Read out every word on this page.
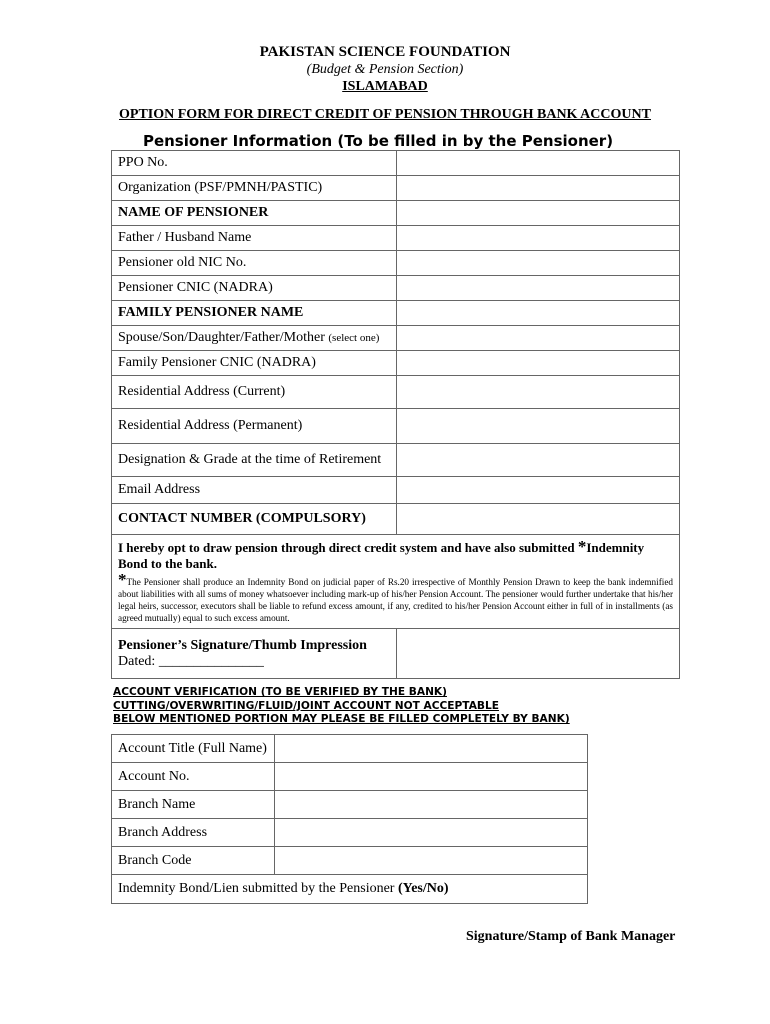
PAKISTAN SCIENCE FOUNDATION
(Budget & Pension Section)
ISLAMABAD
OPTION FORM FOR DIRECT CREDIT OF PENSION THROUGH BANK ACCOUNT
Pensioner Information (To be filled in by the Pensioner)
PPO No.	
Organization (PSF/PMNH/PASTIC)	
NAME OF PENSIONER	
Father / Husband Name	
Pensioner old NIC No.	
Pensioner CNIC (NADRA)	
FAMILY PENSIONER NAME	
Spouse/Son/Daughter/Father/Mother (select one)	
Family Pensioner CNIC (NADRA)	
Residential Address (Current)	
Residential Address (Permanent)	
Designation & Grade at the time of Retirement	
Email Address	
CONTACT NUMBER (COMPULSORY)	

I hereby opt to draw pension through direct credit system and have also submitted *Indemnity Bond to the bank.
*The Pensioner shall produce an Indemnity Bond on judicial paper of Rs.20 irrespective of Monthly Pension Drawn to keep the bank indemnified about liabilities with all sums of money whatsoever including mark-up of his/her Pension Account. The pensioner would further undertake that his/her legal heirs, successor, executors shall be liable to refund excess amount, if any, credited to his/her Pension Account either in full of in installments (as agreed mutually) equal to such excess amount.	

Pensioner’s Signature/Thumb Impression
Dated: _______________	

ACCOUNT VERIFICATION (TO BE VERIFIED BY THE BANK)
CUTTING/OVERWRITING/FLUID/JOINT ACCOUNT NOT ACCEPTABLE
BELOW MENTIONED PORTION MAY PLEASE BE FILLED COMPLETELY BY BANK)
Account Title (Full Name)	
Account No.	
Branch Name	
Branch Address	
Branch Code	
Indemnity Bond/Lien submitted by the Pensioner (Yes/No)	
Signature/Stamp of Bank Manager
